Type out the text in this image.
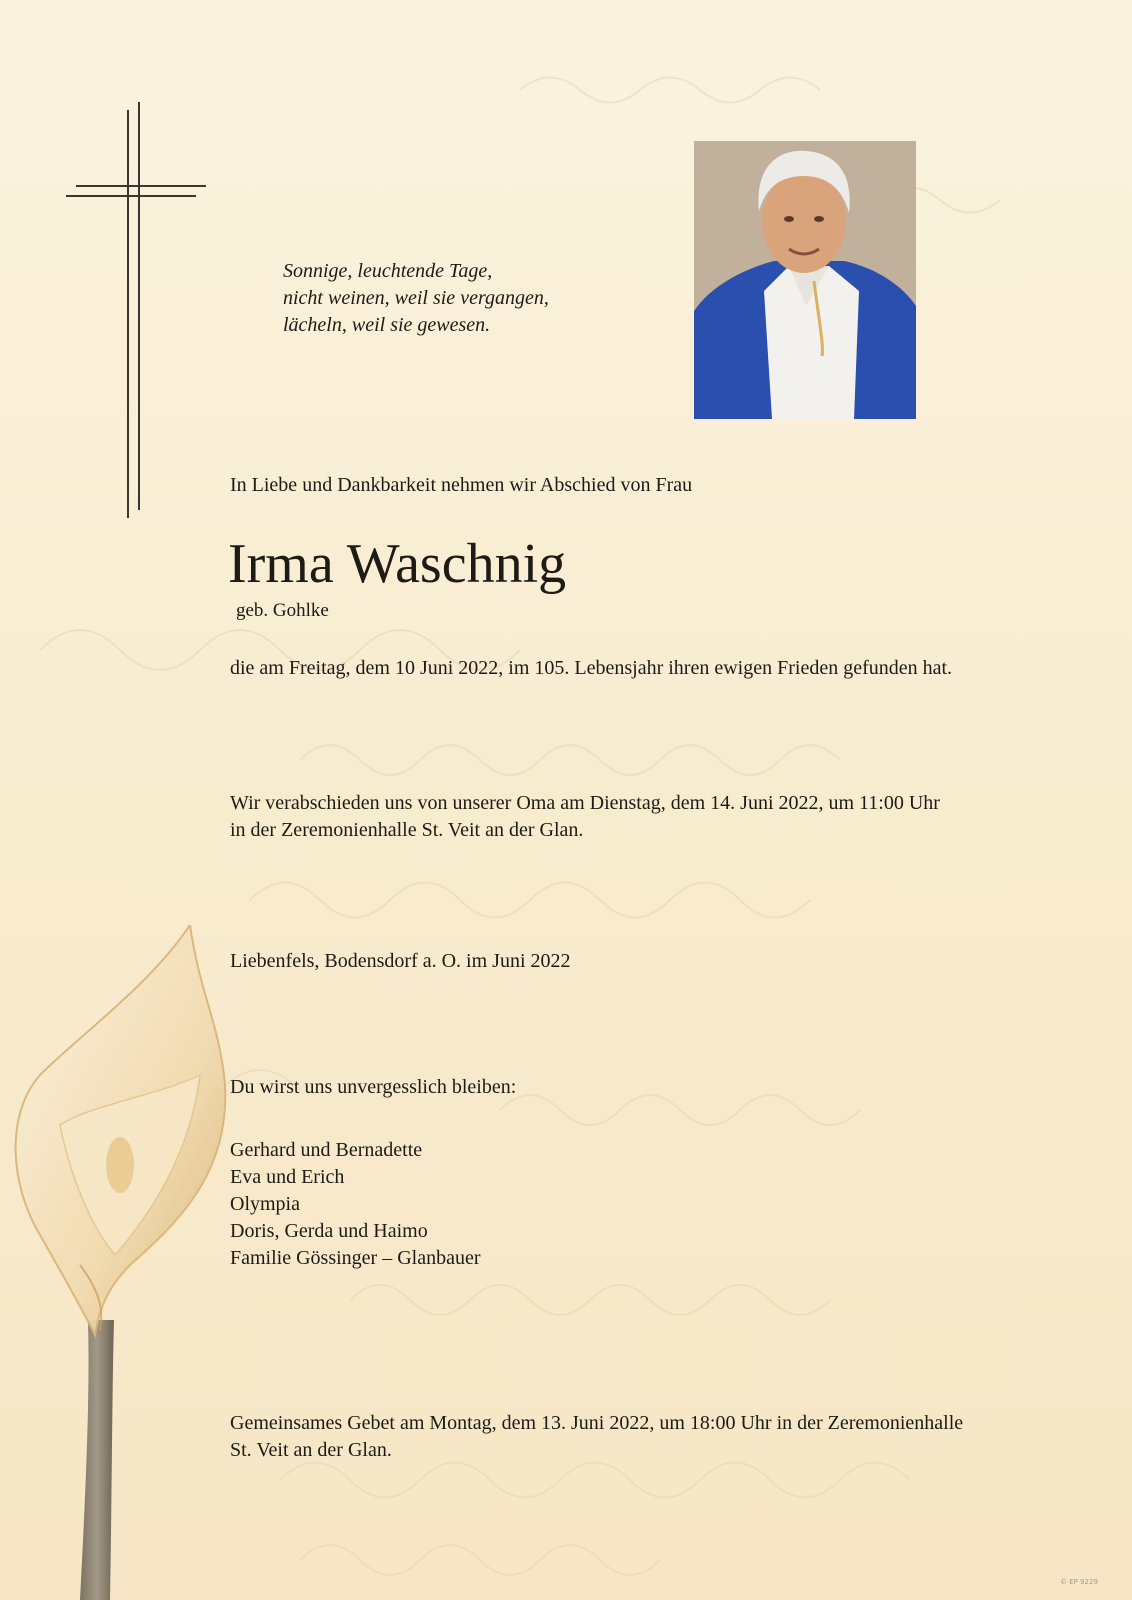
Sonnige, leuchtende Tage,
nicht weinen, weil sie vergangen,
lächeln, weil sie gewesen.
In Liebe und Dankbarkeit nehmen wir Abschied von Frau
Irma Waschnig
geb. Gohlke
die am Freitag, dem 10 Juni 2022, im 105. Lebensjahr ihren ewigen Frieden gefunden hat.
Wir verabschieden uns von unserer Oma am Dienstag, dem 14. Juni 2022, um 11:00 Uhr
in der Zeremonienhalle St. Veit an der Glan.
Liebenfels, Bodensdorf a. O. im Juni 2022
Du wirst uns unvergesslich bleiben:
Gerhard und Bernadette
Eva und Erich
Olympia
Doris, Gerda und Haimo
Familie Gössinger – Glanbauer
Gemeinsames Gebet am Montag, dem 13. Juni 2022, um 18:00 Uhr in der Zeremonienhalle
St. Veit an der Glan.
© EP 9229
